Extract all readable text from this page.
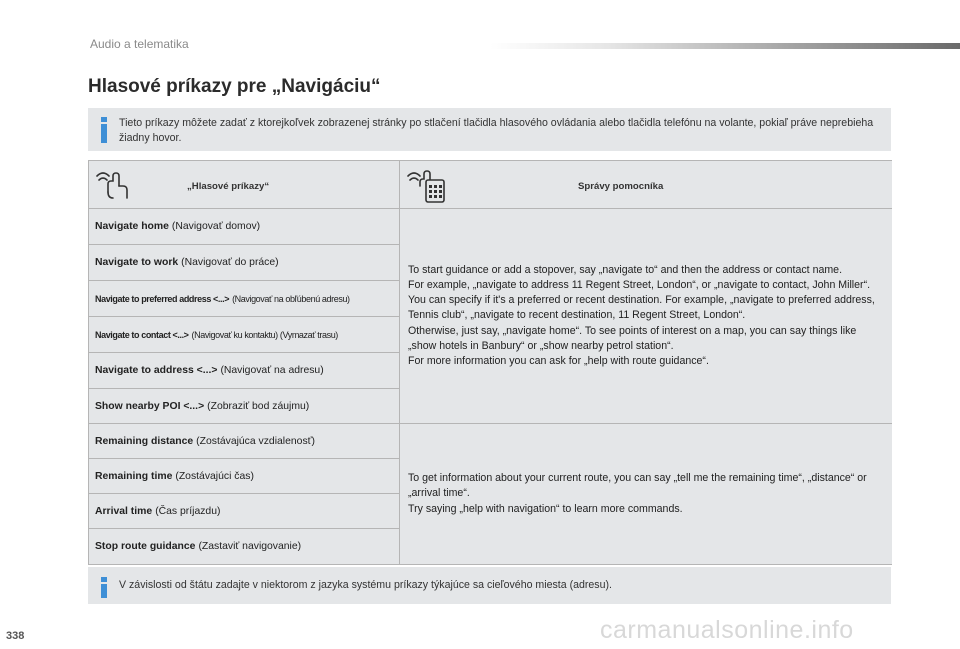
Audio a telematika
Hlasové príkazy pre „Navigáciu“
Tieto príkazy môžete zadať z ktorejkoľvek zobrazenej stránky po stlačení tlačidla hlasového ovládania alebo tlačidla telefónu na volante, pokiaľ práve neprebieha žiadny hovor.
„Hlasové príkazy“	Správy pomocníka
Navigate home (Navigovať domov)
Navigate to work (Navigovať do práce)
Navigate to preferred address <...> (Navigovať na obľúbenú adresu)
Navigate to contact <...> (Navigovať ku kontaktu) (Vymazať trasu)
Navigate to address <...> (Navigovať na adresu)
Show nearby POI <...> (Zobraziť bod záujmu)

To start guidance or add a stopover, say „navigate to“ and then the address or contact name.

For example, „navigate to address 11 Regent Street, London“, or „navigate to contact, John Miller“.

You can specify if it's a preferred or recent destination. For example, „navigate to preferred address, Tennis club“, „navigate to recent destination, 11 Regent Street, London“.

Otherwise, just say, „navigate home“. To see points of interest on a map, you can say things like „show hotels in Banbury“ or „show nearby petrol station“.

For more information you can ask for „help with route guidance“.

Remaining distance (Zostávajúca vzdialenosť)
Remaining time (Zostávajúci čas)
Arrival time (Čas príjazdu)
Stop route guidance (Zastaviť navigovanie)

To get information about your current route, you can say „tell me the remaining time“, „distance“ or „arrival time“.

Try saying „help with navigation“ to learn more commands.

V závislosti od štátu zadajte v niektorom z jazyka systému príkazy týkajúce sa cieľového miesta (adresu).
338	carmanualsonline.info
